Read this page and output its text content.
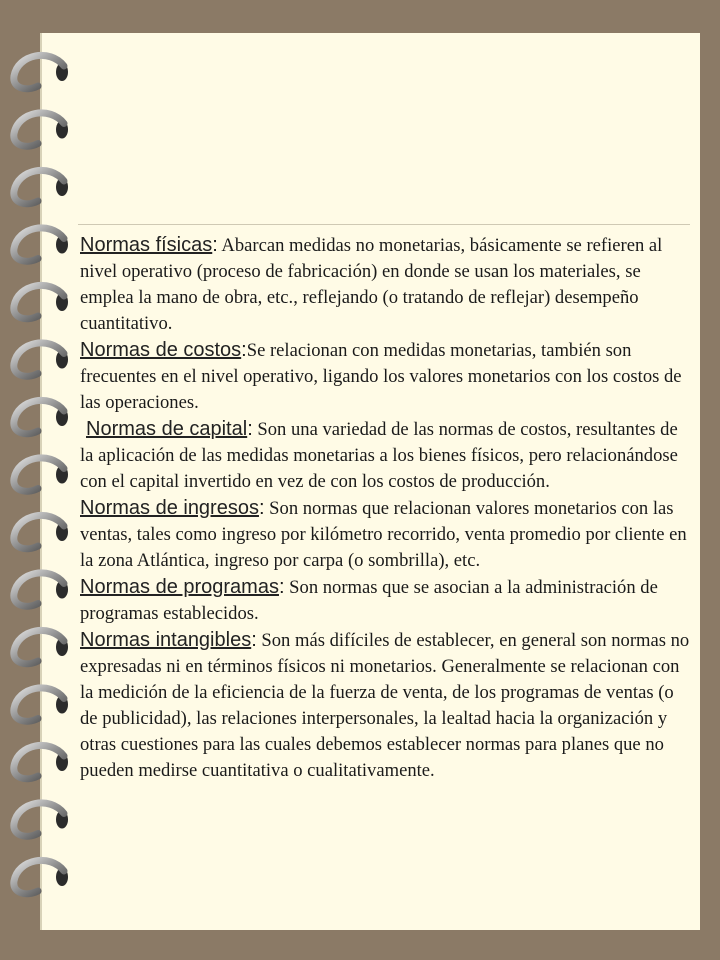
Normas físicas: Abarcan medidas no monetarias, básicamente se refieren al nivel operativo (proceso de fabricación) en donde se usan los materiales, se emplea la mano de obra, etc., reflejando (o tratando de reflejar) desempeño cuantitativo.

Normas de costos:Se relacionan con medidas monetarias, también son frecuentes en el nivel operativo, ligando los valores monetarios con los costos de las operaciones.

Normas de capital: Son una variedad de las normas de costos, resultantes de la aplicación de las medidas monetarias a los bienes físicos, pero relacionándose con el capital invertido en vez de con los costos de producción.

Normas de ingresos: Son normas que relacionan valores monetarios con las ventas, tales como ingreso por kilómetro recorrido, venta promedio por cliente en la zona Atlántica, ingreso por carpa (o sombrilla), etc.

Normas de programas: Son normas que se asocian a la administración de programas establecidos.

Normas intangibles: Son más difíciles de establecer, en general son normas no expresadas ni en términos físicos ni monetarios. Generalmente se relacionan con la medición de la eficiencia de la fuerza de venta, de los programas de ventas (o de publicidad), las relaciones interpersonales, la lealtad hacia la organización y otras cuestiones para las cuales debemos establecer normas para planes que no pueden medirse cuantitativa o cualitativamente.
